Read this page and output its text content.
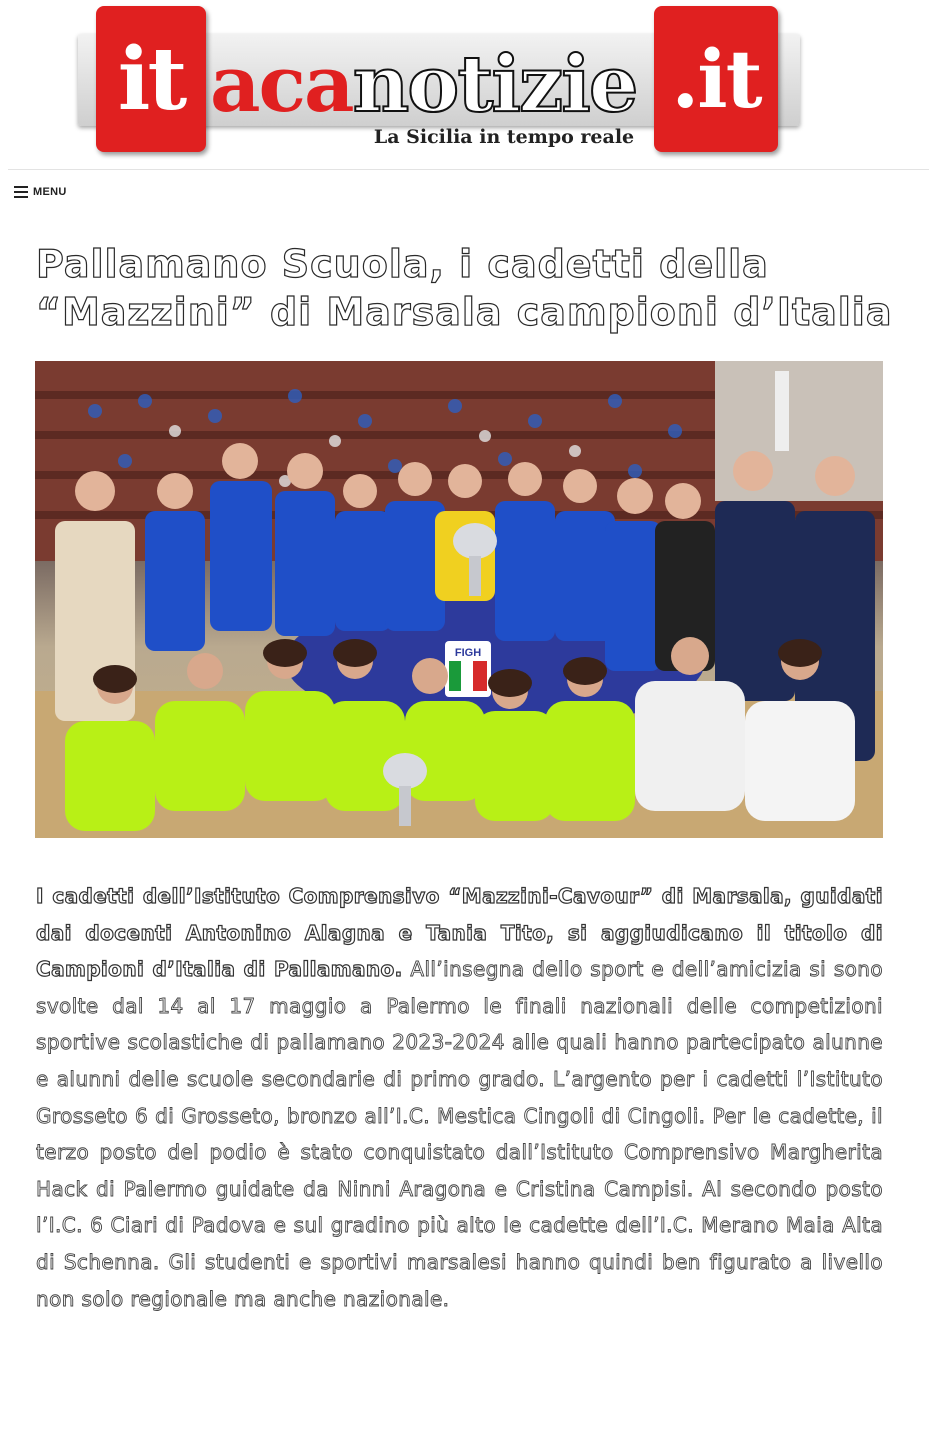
it aca notizie .it
La Sicilia in tempo reale
MENU
Pallamano Scuola, i cadetti della “Mazzini” di Marsala campioni d’Italia
FIGH
I cadetti dell’Istituto Comprensivo “Mazzini-Cavour” di Marsala, guidati dai docenti Antonino Alagna e Tania Tito, si aggiudicano il titolo di Campioni d’Italia di Pallamano. All’insegna dello sport e dell’amicizia si sono svolte dal 14 al 17 maggio a Palermo le finali nazionali delle competizioni sportive scolastiche di pallamano 2023-2024 alle quali hanno partecipato alunne e alunni delle scuole secondarie di primo grado. L’argento per i cadetti l’Istituto Grosseto 6 di Grosseto, bronzo all’I.C. Mestica Cingoli di Cingoli. Per le cadette, il terzo posto del podio è stato conquistato dall’Istituto Comprensivo Margherita Hack di Palermo guidate da Ninni Aragona e Cristina Campisi. Al secondo posto l’I.C. 6 Ciari di Padova e sul gradino più alto le cadette dell’I.C. Merano Maia Alta di Schenna. Gli studenti e sportivi marsalesi hanno quindi ben figurato a livello non solo regionale ma anche nazionale.
